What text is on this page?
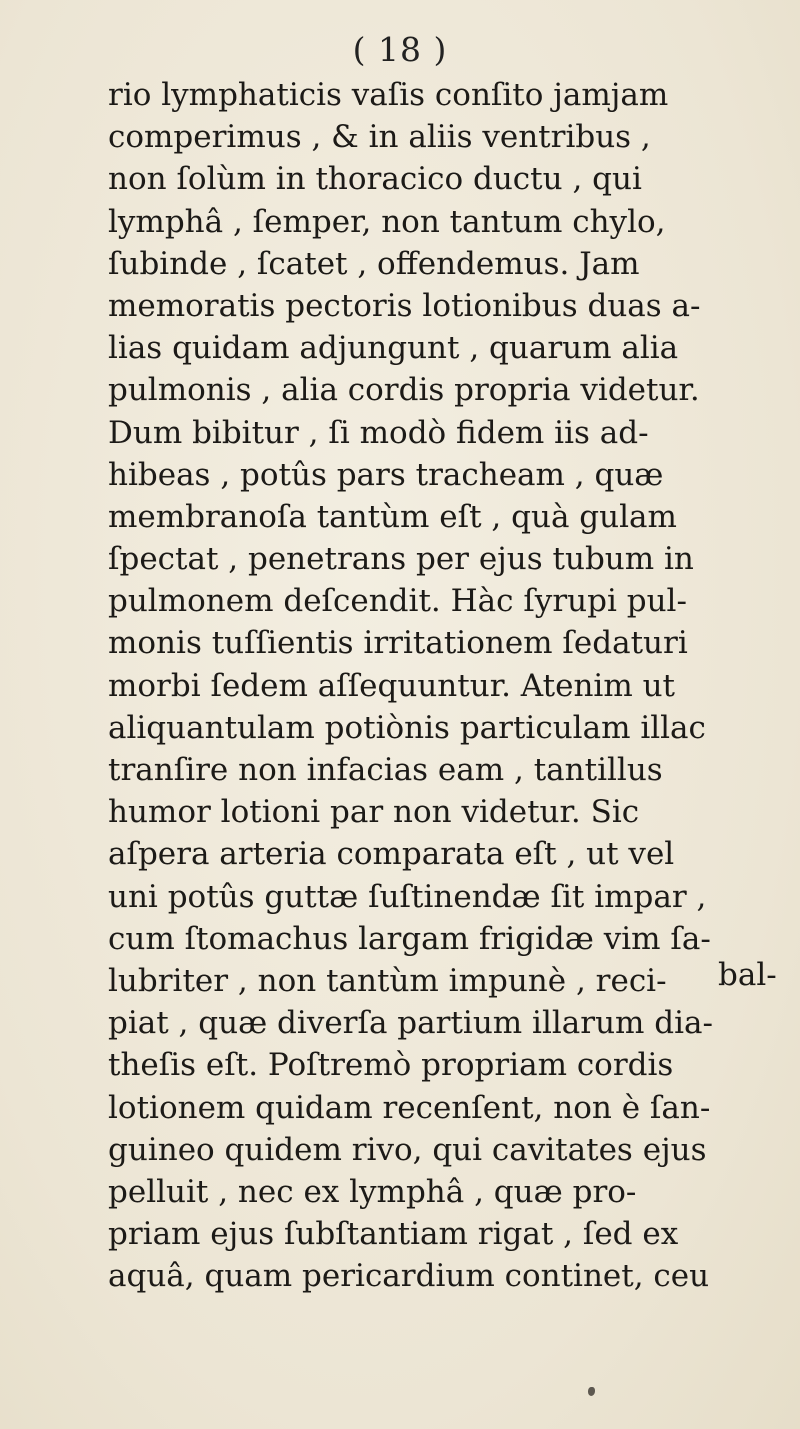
( 18 )
rio lymphaticis vaſis conſito jamjam
comperimus , & in aliis ventribus ,
non ſolùm in thoracico ductu , qui
lymphâ , ſemper, non tantum chylo,
ſubinde , ſcatet , offendemus. Jam
memoratis pectoris lotionibus duas a-
lias quidam adjungunt , quarum alia
pulmonis , alia cordis propria videtur.
Dum bibitur , ſi modò fidem iis ad-
hibeas , potûs pars tracheam , quæ
membranoſa tantùm eſt , quà gulam
ſpectat , penetrans per ejus tubum in
pulmonem deſcendit. Hàc ſyrupi pul-
monis tuſſientis irritationem ſedaturi
morbi ſedem aſſequuntur. Atenim ut
aliquantulam potiònis particulam illac
tranſire non infacias eam , tantillus
humor lotioni par non videtur. Sic
aſpera arteria comparata eſt , ut vel
uni potûs guttæ ſuſtinendæ ſit impar ,
cum ſtomachus largam frigidæ vim ſa-
lubriter , non tantùm impunè , reci-
piat , quæ diverſa partium illarum dia-
theſis eſt. Poſtremò propriam cordis
lotionem quidam recenſent, non è ſan-
guineo quidem rivo, qui cavitates ejus
pelluit , nec ex lymphâ , quæ pro-
priam ejus ſubſtantiam rigat , ſed ex
aquâ, quam pericardium continet, ceu
bal-
